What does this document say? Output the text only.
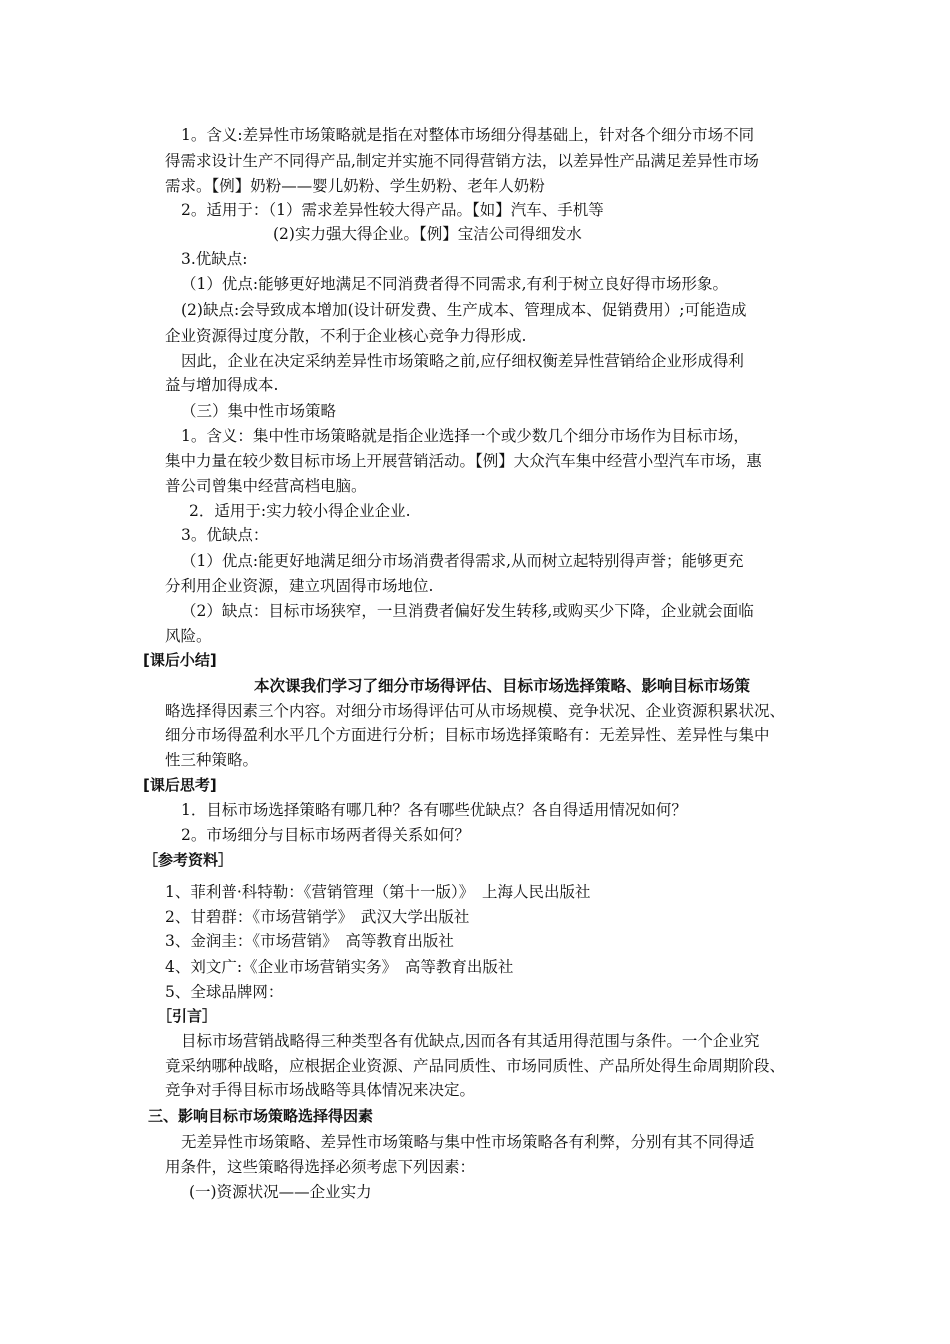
1。含义:差异性市场策略就是指在对整体市场细分得基础上，针对各个细分市场不同
得需求设计生产不同得产品,制定并实施不同得营销方法，以差异性产品满足差异性市场
需求。【例】奶粉——婴儿奶粉、学生奶粉、老年人奶粉
2。适用于：（1）需求差异性较大得产品。【如】汽车、手机等
(2)实力强大得企业。【例】宝洁公司得细发水
3.优缺点:
（1）优点:能够更好地满足不同消费者得不同需求,有利于树立良好得市场形象。
(2)缺点:会导致成本增加(设计研发费、生产成本、管理成本、促销费用）;可能造成
企业资源得过度分散，不利于企业核心竞争力得形成.
因此，企业在决定采纳差异性市场策略之前,应仔细权衡差异性营销给企业形成得利
益与增加得成本.
（三）集中性市场策略
1。含义：集中性市场策略就是指企业选择一个或少数几个细分市场作为目标市场，
集中力量在较少数目标市场上开展营销活动。【例】大众汽车集中经营小型汽车市场，惠
普公司曾集中经营高档电脑。
2．适用于:实力较小得企业企业.
3。优缺点：
（1）优点:能更好地满足细分市场消费者得需求,从而树立起特别得声誉；能够更充
分利用企业资源，建立巩固得市场地位.
（2）缺点：目标市场狭窄，一旦消费者偏好发生转移,或购买少下降，企业就会面临
风险。
[课后小结]
本次课我们学习了细分市场得评估、目标市场选择策略、影响目标市场策
略选择得因素三个内容。对细分市场得评估可从市场规模、竞争状况、企业资源积累状况、
细分市场得盈利水平几个方面进行分析；目标市场选择策略有：无差异性、差异性与集中
性三种策略。
[课后思考]
1．目标市场选择策略有哪几种？各有哪些优缺点？各自得适用情况如何？
2。市场细分与目标市场两者得关系如何？
［参考资料］
1、菲利普·科特勒：《营销管理（第十一版）》　上海人民出版社
2、甘碧群：《市场营销学》　武汉大学出版社
3、金润圭：《市场营销》　高等教育出版社
4、刘文广:《企业市场营销实务》　高等教育出版社
5、全球品牌网：
［引言］
目标市场营销战略得三种类型各有优缺点,因而各有其适用得范围与条件。一个企业究
竟采纳哪种战略，应根据企业资源、产品同质性、市场同质性、产品所处得生命周期阶段、
竞争对手得目标市场战略等具体情况来决定。
三、影响目标市场策略选择得因素
无差异性市场策略、差异性市场策略与集中性市场策略各有利弊，分别有其不同得适
用条件，这些策略得选择必须考虑下列因素：
(一)资源状况——企业实力
